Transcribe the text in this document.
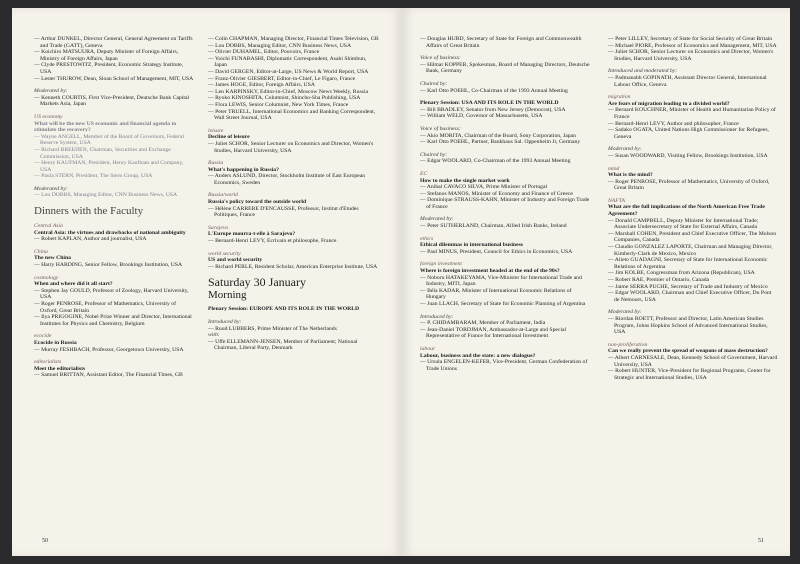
— Arthur DUNKEL, Director General, General Agreement on Tariffs and Trade (GATT), Geneva
— Koichiro MATSUURA, Deputy Minister of Foreign Affairs, Ministry of Foreign Affairs, Japan
— Clyde PRESTOWITZ, President, Economic Strategy Institute, USA
— Lester THUROW, Dean, Sloan School of Management, MIT, USA
Moderated by:
— Kenneth COURTIS, First Vice-President, Deutsche Bank Capital Markets Asia, Japan
US economy
What will be the new US economic and financial agenda to stimulate the recovery?
— Wayne ANGELL, Member of the Board of Governors, Federal Reserve System, USA
— Richard BREEDEN, Chairman, Securities and Exchange Commission, USA
— Henry KAUFMAN, President, Henry Kaufman and Company, USA
— Paula STERN, President, The Stern Group, USA
Moderated by:
— Lou DOBBS, Managing Editor, CNN Business News, USA
Dinners with the Faculty
Central Asia
Central Asia: the virtues and drawbacks of national ambiguity
— Robert KAPLAN, Author and journalist, USA
China
The new China
— Harry HARDING, Senior Fellow, Brookings Institution, USA
cosmology
When and where did it all start?
— Stephen Jay GOULD, Professor of Zoology, Harvard University, USA
— Roger PENROSE, Professor of Mathematics, University of Oxford, Great Britain
— Ilya PRIGOGINE, Nobel Prize Winner and Director, International Institutes for Physics and Chemistry, Belgium
ecocide
Ecocide in Russia
— Murray FESHBACH, Professor, Georgetown University, USA
editorialists
Meet the editorialists
— Samuel BRITTAN, Assistant Editor, The Financial Times, GB
— Colin CHAPMAN, Managing Director, Financial Times Television, GB
— Lou DOBBS, Managing Editor, CNN Business News, USA
— Olivier DUHAMEL, Editor, Pouvoirs, France
— Yoichi FUNABASHI, Diplomatic Correspondent, Asahi Shimbun, Japan
— David GERGEN, Editor-at-Large, US News & World Report, USA
— Franz-Olivier GIESBERT, Editor-in-Chief, Le Figaro, France
— James HOGE, Editor, Foreign Affairs, USA
— Len KARPINSKY, Editor-in-Chief, Moscow News Weekly, Russia
— Ryoko KINOSHITA, Columnist, Shincho-Sha Publishing, USA
— Flora LEWIS, Senior Columnist, New York Times, France
— Peter TRUELL, International Economics and Banking Correspondent, Wall Street Journal, USA
leisure
Decline of leisure
— Juliet SCHOR, Senior Lecturer on Economics and Director, Women's Studies, Harvard University, USA
Russia
What's happening in Russia?
— Anders ASLUND, Director, Stockholm Institute of East European Economics, Sweden
Russia/world
Russia's policy toward the outside world
— Hélène CARRERE D'ENCAUSSE, Professor, Institut d'Etudes Politiques, France
Sarajevo
L'Europe mourra-t-elle à Sarajevo?
— Bernard-Henri LEVY, Ecrivain et philosophe, France
world security
US and world security
— Richard PERLE, Resident Scholar, American Enterprise Institute, USA
Saturday 30 January
Morning
Plenary Session: EUROPE AND ITS ROLE IN THE WORLD
Introduced by:
— Ruud LUBBERS, Prime Minister of The Netherlands
with:
— Uffe ELLEMANN-JENSEN, Member of Parliament; National Chairman, Liberal Party, Denmark
50
— Douglas HURD, Secretary of State for Foreign and Commonwealth Affairs of Great Britain
Voice of business:
— Hilmar KOPPER, Spokesman, Board of Managing Directors, Deutsche Bank, Germany
Chaired by:
— Karl Otto POEHL, Co-Chairman of the 1993 Annual Meeting
Plenary Session: USA AND ITS ROLE IN THE WORLD
— Bill BRADLEY, Senator from New Jersey (Democrat), USA
— William WELD, Governor of Massachusetts, USA
Voice of business:
— Akio MORITA, Chairman of the Board, Sony Corporation, Japan
— Karl Otto POEHL, Partner, Bankhaus Sal. Oppenheim Jr, Germany
Chaired by:
— Edgar WOOLARD, Co-Chairman of the 1993 Annual Meeting
EC
How to make the single market work
— Aníbal CAVACO SILVA, Prime Minister of Portugal
— Stefanos MANOS, Minister of Economy and Finance of Greece
— Dominique STRAUSS-KAHN, Minister of Industry and Foreign Trade of France
Moderated by:
— Peter SUTHERLAND, Chairman, Allied Irish Banks, Ireland
ethics
Ethical dilemmas in international business
— Paul MINUS, President, Council for Ethics in Economics, USA
foreign investment
Where is foreign investment headed at the end of the 90s?
— Noboru HATAKEYAMA, Vice-Minister for International Trade and Industry, MITI, Japan
— Béla KADAR, Minister of International Economic Relations of Hungary
— Juan LLACH, Secretary of State for Economic Planning of Argentina
Introduced by:
— P. CHIDAMBARAM, Member of Parliament, India
— Jean-Daniel TORDJMAN, Ambassador-at-Large and Special Representative of France for International Investment
labour
Labour, business and the state: a new dialogue?
— Ursula ENGELEN-KEFER, Vice-President, German Confederation of Trade Unions
— Peter LILLEY, Secretary of State for Social Security of Great Britain
— Michael PIORE, Professor of Economics and Management, MIT, USA
— Juliet SCHOR, Senior Lecturer on Economics and Director, Women's Studies, Harvard University, USA
Introduced and moderated by:
— Padmanabh GOPINATH, Assistant Director General, International Labour Office, Geneva
migration
Are fears of migration leading to a divided world?
— Bernard KOUCHNER, Minister of Health and Humanitarian Policy of France
— Bernard-Henri LEVY, Author and philosopher, France
— Sadako OGATA, United Nations High Commissioner for Refugees, Geneva
Moderated by:
— Susan WOODWARD, Visiting Fellow, Brookings Institution, USA
mind
What is the mind?
— Roger PENROSE, Professor of Mathematics, University of Oxford, Great Britain
NAFTA
What are the full implications of the North American Free Trade Agreement?
— Donald CAMPBELL, Deputy Minister for International Trade; Associate Undersecretary of State for External Affairs, Canada
— Marshall COHEN, President and Chief Executive Officer, The Molson Companies, Canada
— Claudio GONZALEZ LAPORTE, Chairman and Managing Director, Kimberly-Clark de Mexico, Mexico
— Alieto GUADAGNI, Secretary of State for International Economic Relations of Argentina
— Jim KOLBE, Congressman from Arizona (Republican), USA
— Robert RAE, Premier of Ontario, Canada
— Jaime SERRA PUCHE, Secretary of Trade and Industry of Mexico
— Edgar WOOLARD, Chairman and Chief Executive Officer, Du Pont de Nemours, USA
Moderated by:
— Riordan ROETT, Professor and Director, Latin American Studies Program, Johns Hopkins School of Advanced International Studies, USA
non-proliferation
Can we really prevent the spread of weapons of mass destruction?
— Albert CARNESALE, Dean, Kennedy School of Government, Harvard University, USA
— Robert HUNTER, Vice-President for Regional Programs, Center for Strategic and International Studies, USA
51
